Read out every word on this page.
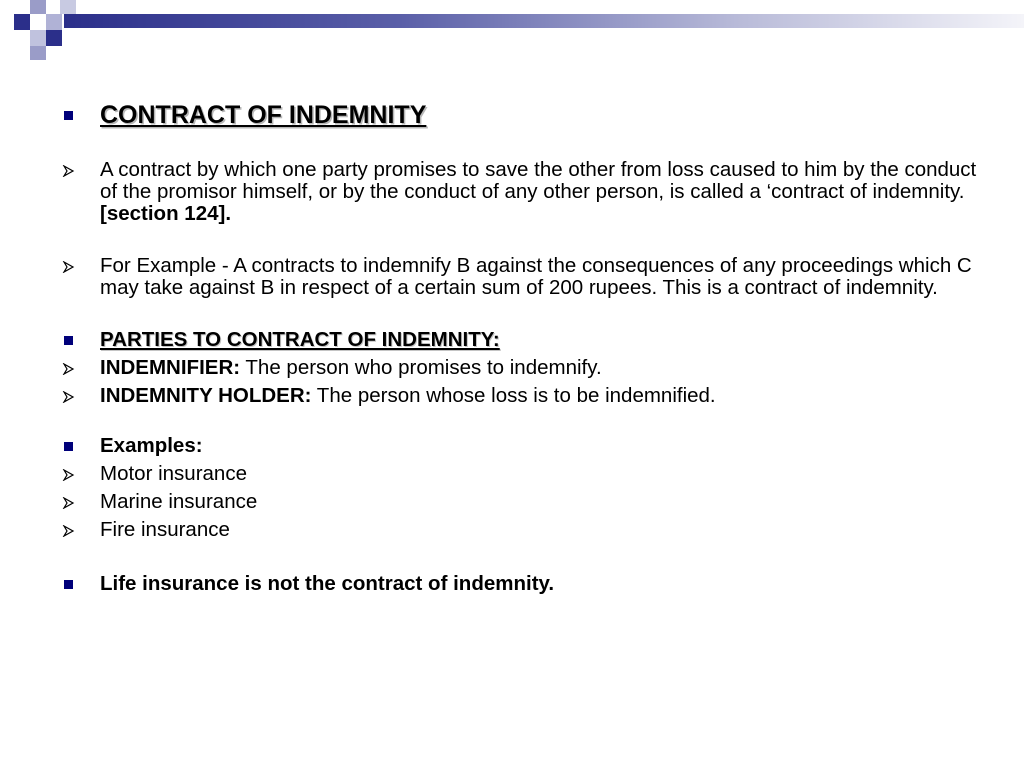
CONTRACT OF INDEMNITY
A contract by which one party promises to save the other from loss caused to him by the conduct of the promisor himself, or by the conduct of any other person, is called a ‘contract of indemnity. [section 124].
For Example - A contracts to indemnify B against the consequences of any proceedings which C may take against B in respect of a certain sum of 200 rupees. This is a contract of indemnity.
PARTIES TO CONTRACT OF INDEMNITY:
INDEMNIFIER: The person who promises to indemnify.
INDEMNITY HOLDER: The person whose loss is to be indemnified.
Examples:
Motor insurance
Marine insurance
Fire insurance
Life insurance is not the contract of indemnity.
